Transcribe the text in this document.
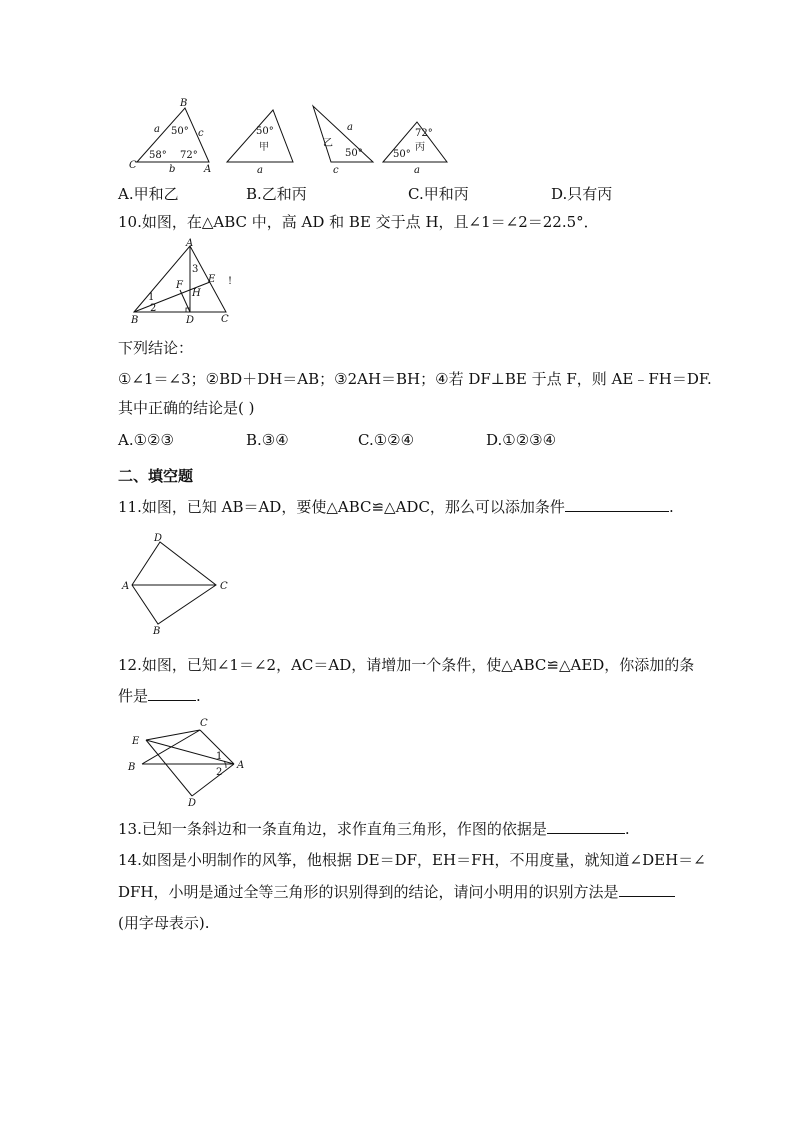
B
C	A
a	c
b
50°
58° 72°
50°
甲
a
乙
50°
a
c
72°
丙
50°
a
A.甲和乙	B.乙和丙	C.甲和丙	D.只有丙
10.如图，在△ABC 中，高 AD 和 BE 交于点 H，且∠1＝∠2＝22.5°．
A
B	C
D
E
F
H
1
2
3
!
下列结论：
①∠1＝∠3；②BD＋DH＝AB；③2AH＝BH；④若 DF⊥BE 于点 F，则 AE﹣FH＝DF.
其中正确的结论是( )
A.①②③	B.③④	C.①②④	D.①②③④
二、填空题
11.如图，已知 AB＝AD，要使△ABC≌△ADC，那么可以添加条件	.
D
A	C
B
12.如图，已知∠1＝∠2，AC＝AD，请增加一个条件，使△ABC≌△AED，你添加的条
件是	.
C
E
B	A
D
1
2
13.已知一条斜边和一条直角边，求作直角三角形，作图的依据是	.
14.如图是小明制作的风筝，他根据 DE＝DF，EH＝FH，不用度量，就知道∠DEH＝∠
DFH，小明是通过全等三角形的识别得到的结论，请问小明用的识别方法是
(用字母表示).
